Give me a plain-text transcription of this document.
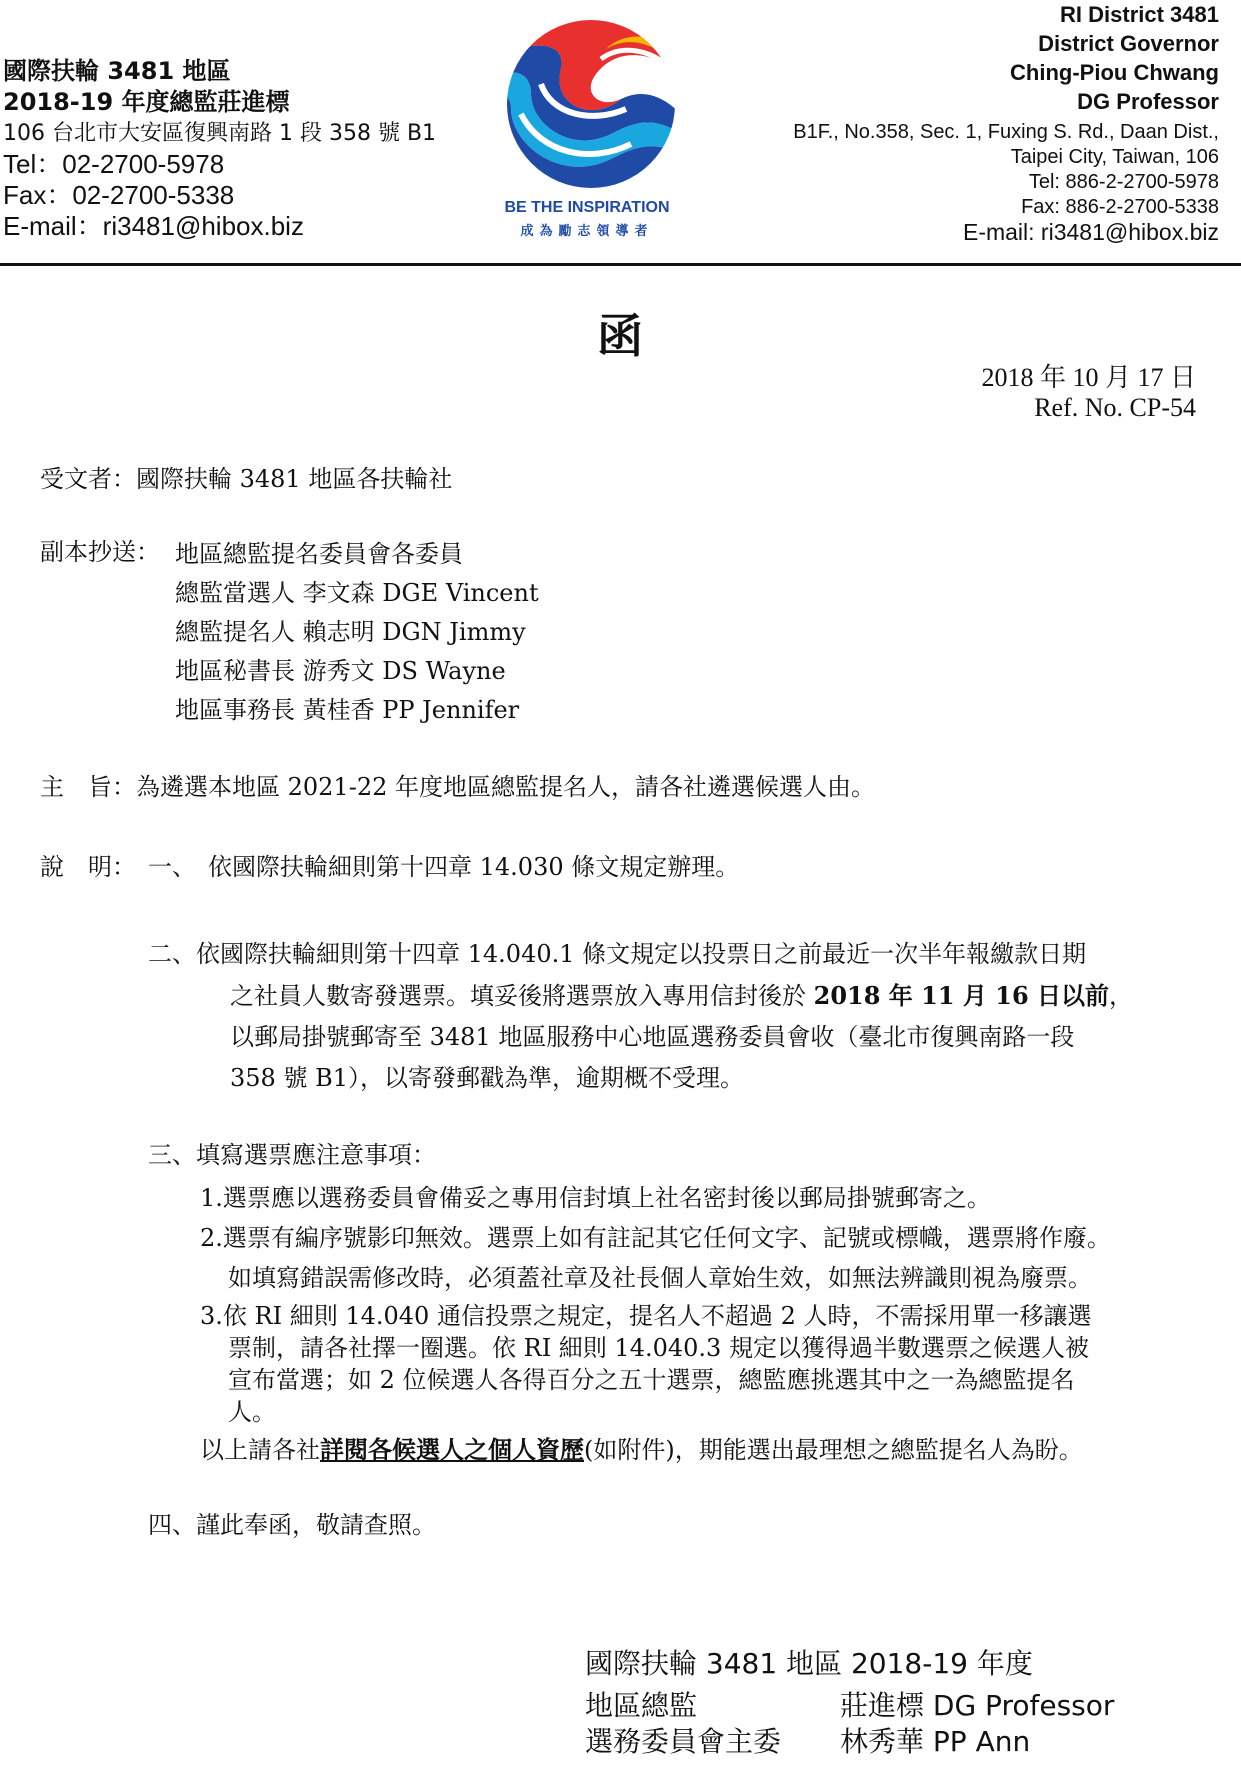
國際扶輪 3481 地區
2018-19 年度總監莊進標
106 台北市大安區復興南路 1 段 358 號 B1
Tel：02-2700-5978
Fax：02-2700-5338
E-mail：ri3481@hibox.biz
BE THE INSPIRATION
成為勵志領導者
RI District 3481
District Governor
Ching-Piou Chwang
DG Professor
B1F., No.358, Sec. 1, Fuxing S. Rd., Daan Dist.,
Taipei City, Taiwan, 106
Tel: 886-2-2700-5978
Fax: 886-2-2700-5338
E-mail: ri3481@hibox.biz
函
2018 年 10 月 17 日
Ref. No. CP-54
受文者：國際扶輪 3481 地區各扶輪社
副本抄送： 地區總監提名委員會各委員
總監當選人 李文森 DGE Vincent
總監提名人 賴志明 DGN Jimmy
地區秘書長 游秀文 DS Wayne
地區事務長 黃桂香 PP Jennifer
主　旨：為遴選本地區 2021-22 年度地區總監提名人，請各社遴選候選人由。
說　明： 一、　依國際扶輪細則第十四章 14.030 條文規定辦理。
二、依國際扶輪細則第十四章 14.040.1 條文規定以投票日之前最近一次半年報繳款日期
之社員人數寄發選票。填妥後將選票放入專用信封後於 2018 年 11 月 16 日以前，
以郵局掛號郵寄至 3481 地區服務中心地區選務委員會收（臺北市復興南路一段
358 號 B1），以寄發郵戳為準，逾期概不受理。
三、填寫選票應注意事項：
1.選票應以選務委員會備妥之專用信封填上社名密封後以郵局掛號郵寄之。
2.選票有編序號影印無效。選票上如有註記其它任何文字、記號或標幟，選票將作廢。
如填寫錯誤需修改時，必須蓋社章及社長個人章始生效，如無法辨識則視為廢票。
3.依 RI 細則 14.040 通信投票之規定，提名人不超過 2 人時，不需採用單一移讓選
票制，請各社擇一圈選。依 RI 細則 14.040.3 規定以獲得過半數選票之候選人被
宣布當選；如 2 位候選人各得百分之五十選票，總監應挑選其中之一為總監提名
人。
以上請各社詳閱各候選人之個人資歷(如附件)，期能選出最理想之總監提名人為盼。
四、謹此奉函，敬請查照。
國際扶輪 3481 地區 2018-19 年度
地區總監	莊進標 DG Professor
選務委員會主委 林秀華 PP Ann
